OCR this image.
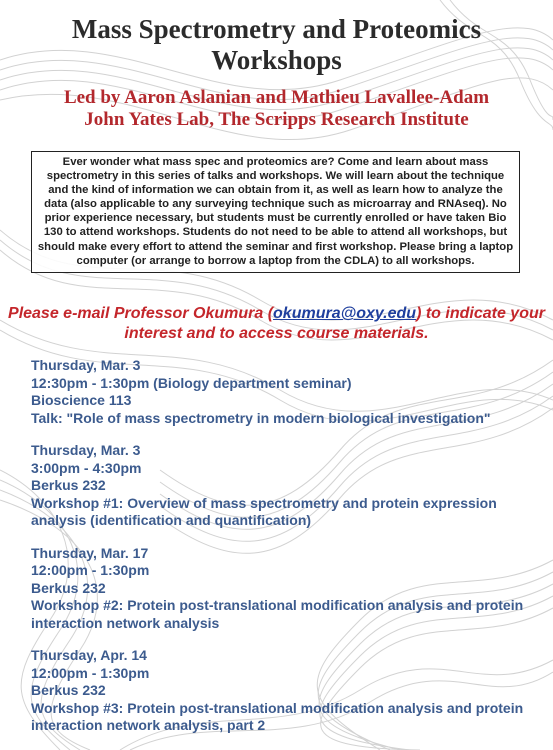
Mass Spectrometry and Proteomics
Workshops

Led by Aaron Aslanian and Mathieu Lavallee-Adam

John Yates Lab, The Scripps Research Institute

Ever wonder what mass spec and proteomics are? Come and learn about mass spectrometry in this series of talks and workshops. We will learn about the technique and the kind of information we can obtain from it, as well as learn how to analyze the data (also applicable to any surveying technique such as microarray and RNAseq). No prior experience necessary, but students must be currently enrolled or have taken Bio 130 to attend workshops. Students do not need to be able to attend all workshops, but should make every effort to attend the seminar and first workshop. Please bring a laptop computer (or arrange to borrow a laptop from the CDLA) to all workshops.
Please e-mail Professor Okumura (okumura@oxy.edu) to indicate your interest and to access course materials.
Thursday, Mar. 3
12:30pm - 1:30pm (Biology department seminar)
Bioscience 113
Talk: "Role of mass spectrometry in modern biological investigation"
Thursday, Mar. 3
3:00pm - 4:30pm
Berkus 232
Workshop #1: Overview of mass spectrometry and protein expression analysis (identification and quantification)
Thursday, Mar. 17
12:00pm - 1:30pm
Berkus 232
Workshop #2: Protein post-translational modification analysis and protein interaction network analysis
Thursday, Apr. 14
12:00pm - 1:30pm
Berkus 232
Workshop #3: Protein post-translational modification analysis and protein interaction network analysis, part 2
